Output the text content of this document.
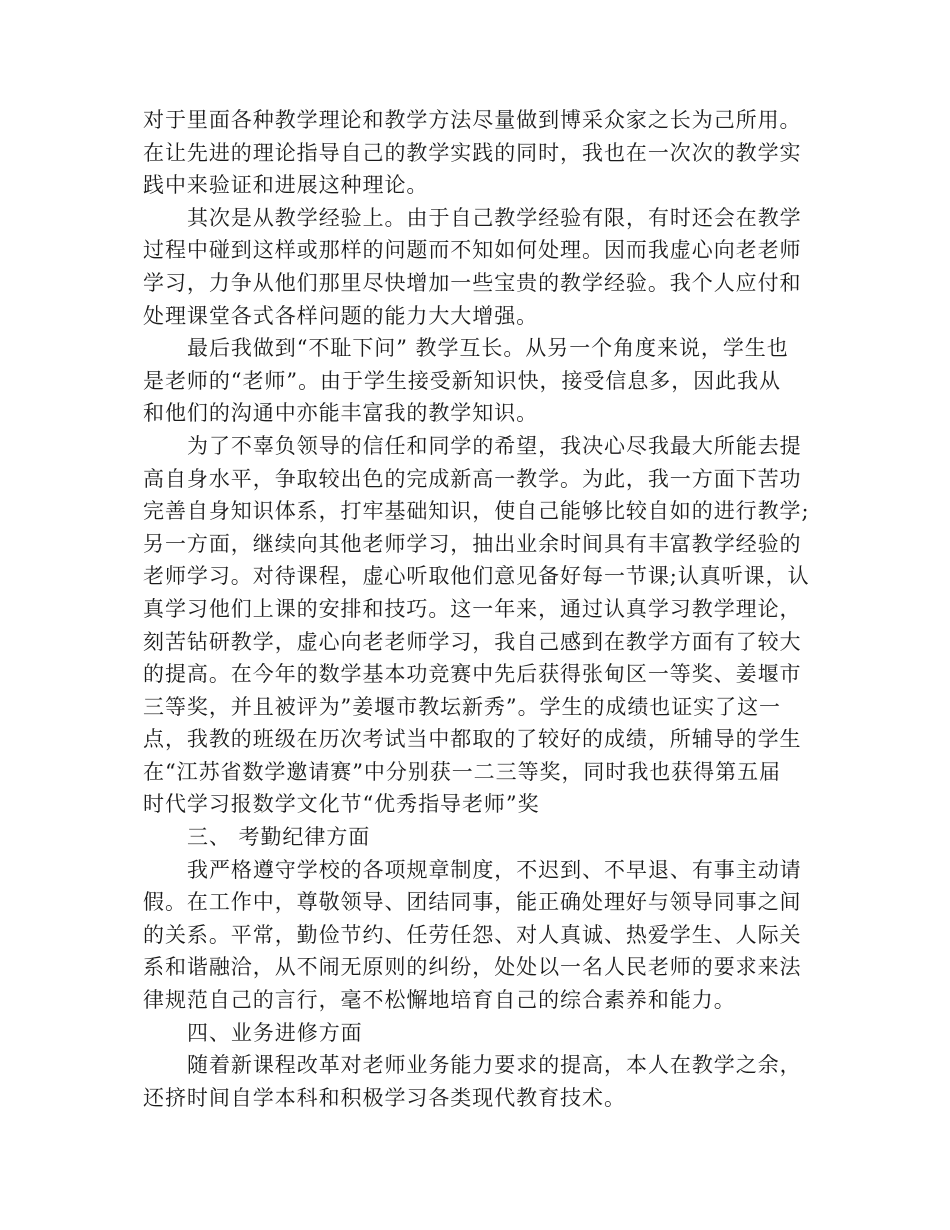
对于里面各种教学理论和教学方法尽量做到博采众家之长为己所用。
在让先进的理论指导自己的教学实践的同时，我也在一次次的教学实
践中来验证和进展这种理论。
其次是从教学经验上。由于自己教学经验有限，有时还会在教学
过程中碰到这样或那样的问题而不知如何处理。因而我虚心向老老师
学习，力争从他们那里尽快增加一些宝贵的教学经验。我个人应付和
处理课堂各式各样问题的能力大大增强。
最后我做到“不耻下问” 教学互长。从另一个角度来说，学生也
是老师的“老师”。由于学生接受新知识快，接受信息多，因此我从
和他们的沟通中亦能丰富我的教学知识。
为了不辜负领导的信任和同学的希望，我决心尽我最大所能去提
高自身水平，争取较出色的完成新高一教学。为此，我一方面下苦功
完善自身知识体系，打牢基础知识，使自己能够比较自如的进行教学;
另一方面，继续向其他老师学习，抽出业余时间具有丰富教学经验的
老师学习。对待课程，虚心听取他们意见备好每一节课;认真听课，认
真学习他们上课的安排和技巧。这一年来，通过认真学习教学理论，
刻苦钻研教学，虚心向老老师学习，我自己感到在教学方面有了较大
的提高。在今年的数学基本功竞赛中先后获得张甸区一等奖、姜堰市
三等奖，并且被评为”姜堰市教坛新秀”。学生的成绩也证实了这一
点，我教的班级在历次考试当中都取的了较好的成绩，所辅导的学生
在“江苏省数学邀请赛”中分别获一二三等奖，同时我也获得第五届
时代学习报数学文化节“优秀指导老师”奖
三、 考勤纪律方面
我严格遵守学校的各项规章制度，不迟到、不早退、有事主动请
假。在工作中，尊敬领导、团结同事，能正确处理好与领导同事之间
的关系。平常，勤俭节约、任劳任怨、对人真诚、热爱学生、人际关
系和谐融洽，从不闹无原则的纠纷，处处以一名人民老师的要求来法
律规范自己的言行，毫不松懈地培育自己的综合素养和能力。
四、业务进修方面
随着新课程改革对老师业务能力要求的提高，本人在教学之余，
还挤时间自学本科和积极学习各类现代教育技术。
